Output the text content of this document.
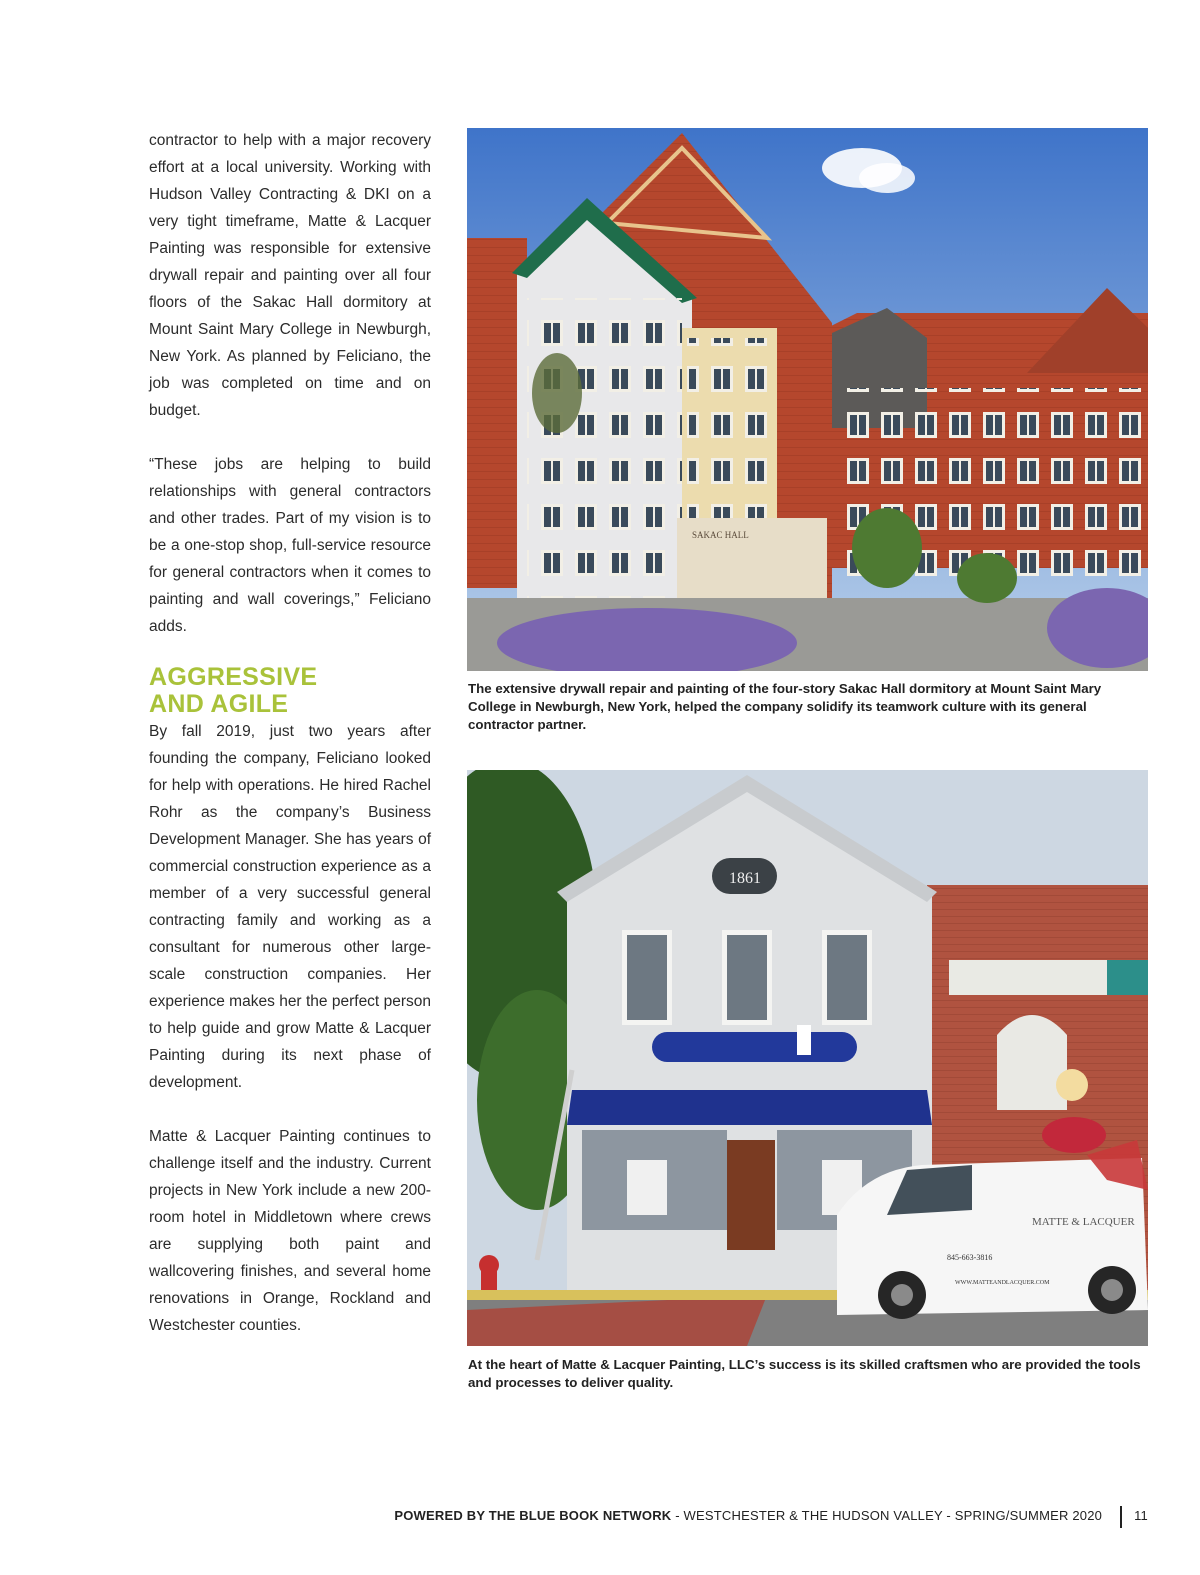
contractor to help with a major recovery effort at a local university. Working with Hudson Valley Contracting & DKI on a very tight timeframe, Matte & Lacquer Painting was responsible for extensive drywall repair and painting over all four floors of the Sakac Hall dormitory at Mount Saint Mary College in Newburgh, New York. As planned by Feliciano, the job was completed on time and on budget.

“These jobs are helping to build relationships with general contractors and other trades. Part of my vision is to be a one-stop shop, full-service resource for general contractors when it comes to painting and wall coverings,” Feliciano adds.

AGGRESSIVE
AND AGILE

By fall 2019, just two years after founding the company, Feliciano looked for help with operations. He hired Rachel Rohr as the company’s Business Development Manager. She has years of commercial construction experience as a member of a very successful general contracting family and working as a consultant for numerous other large-scale construction companies. Her experience makes her the perfect person to help guide and grow Matte & Lacquer Painting during its next phase of development.

Matte & Lacquer Painting continues to challenge itself and the industry. Current projects in New York include a new 200-room hotel in Middletown where crews are supplying both paint and wallcovering finishes, and several home renovations in Orange, Rockland and Westchester counties.

SAKAC HALL
The extensive drywall repair and painting of the four-story Sakac Hall dormitory at Mount Saint Mary College in Newburgh, New York, helped the company solidify its teamwork culture with its general contractor partner.
1861
MATTE & LACQUER
845-663-3816
WWW.MATTEANDLACQUER.COM
At the heart of Matte & Lacquer Painting, LLC’s success is its skilled craftsmen who are provided the tools and processes to deliver quality.
POWERED BY THE BLUE BOOK NETWORK - WESTCHESTER & THE HUDSON VALLEY - SPRING/SUMMER 2020 11
